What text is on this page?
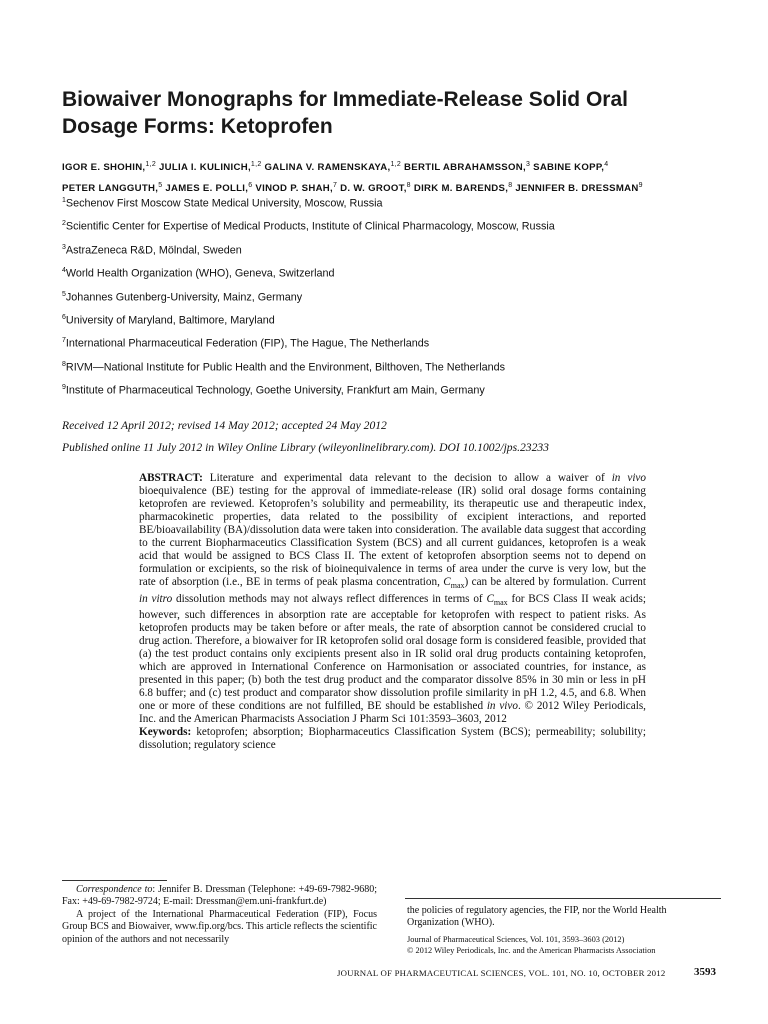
Biowaiver Monographs for Immediate-Release Solid Oral Dosage Forms: Ketoprofen
IGOR E. SHOHIN,$^{1,2}$ JULIA I. KULINICH,$^{1,2}$ GALINA V. RAMENSKAYA,$^{1,2}$ BERTIL ABRAHAMSSON,$^3$ SABINE KOPP,$^4$
PETER LANGGUTH,$^5$ JAMES E. POLLI,$^6$ VINOD P. SHAH,$^7$ D. W. GROOT,$^8$ DIRK M. BARENDS,$^8$ JENNIFER B. DRESSMAN$^9$
$^1$Sechenov First Moscow State Medical University, Moscow, Russia
$^2$Scientific Center for Expertise of Medical Products, Institute of Clinical Pharmacology, Moscow, Russia
$^3$AstraZeneca R&D, Mölndal, Sweden
$^4$World Health Organization (WHO), Geneva, Switzerland
$^5$Johannes Gutenberg-University, Mainz, Germany
$^6$University of Maryland, Baltimore, Maryland
$^7$International Pharmaceutical Federation (FIP), The Hague, The Netherlands
$^8$RIVM—National Institute for Public Health and the Environment, Bilthoven, The Netherlands
$^9$Institute of Pharmaceutical Technology, Goethe University, Frankfurt am Main, Germany
Received 12 April 2012; revised 14 May 2012; accepted 24 May 2012
Published online 11 July 2012 in Wiley Online Library (wileyonlinelibrary.com). DOI 10.1002/jps.23233
ABSTRACT: Literature and experimental data relevant to the decision to allow a waiver of in vivo bioequivalence (BE) testing for the approval of immediate-release (IR) solid oral dosage forms containing ketoprofen are reviewed. Ketoprofen’s solubility and permeability, its therapeutic use and therapeutic index, pharmacokinetic properties, data related to the possibility of excipient interactions, and reported BE/bioavailability (BA)/dissolution data were taken into consideration. The available data suggest that according to the current Biopharmaceutics Classification System (BCS) and all current guidances, ketoprofen is a weak acid that would be assigned to BCS Class II. The extent of ketoprofen absorption seems not to depend on formulation or excipients, so the risk of bioinequivalence in terms of area under the curve is very low, but the rate of absorption (i.e., BE in terms of peak plasma concentration, $C_{max}$) can be altered by formulation. Current in vitro dissolution methods may not always reflect differences in terms of $C_{max}$ for BCS Class II weak acids; however, such differences in absorption rate are acceptable for ketoprofen with respect to patient risks. As ketoprofen products may be taken before or after meals, the rate of absorption cannot be considered crucial to drug action. Therefore, a biowaiver for IR ketoprofen solid oral dosage form is considered feasible, provided that (a) the test product contains only excipients present also in IR solid oral drug products containing ketoprofen, which are approved in International Conference on Harmonisation or associated countries, for instance, as presented in this paper; (b) both the test drug product and the comparator dissolve 85% in 30 min or less in pH 6.8 buffer; and (c) test product and comparator show dissolution profile similarity in pH 1.2, 4.5, and 6.8. When one or more of these conditions are not fulfilled, BE should be established in vivo. © 2012 Wiley Periodicals, Inc. and the American Pharmacists Association J Pharm Sci 101:3593–3603, 2012
Keywords: ketoprofen; absorption; Biopharmaceutics Classification System (BCS); permeability; solubility; dissolution; regulatory science

Correspondence to: Jennifer B. Dressman (Telephone: +49-69-7982-9680; Fax: +49-69-7982-9724; E-mail: Dressman@em.uni-frankfurt.de)

A project of the International Pharmaceutical Federation (FIP), Focus Group BCS and Biowaiver, www.fip.org/bcs. This article reflects the scientific opinion of the authors and not necessarily

the policies of regulatory agencies, the FIP, nor the World Health Organization (WHO).
Journal of Pharmaceutical Sciences, Vol. 101, 3593–3603 (2012)
© 2012 Wiley Periodicals, Inc. and the American Pharmacists Association
JOURNAL OF PHARMACEUTICAL SCIENCES, VOL. 101, NO. 10, OCTOBER 2012	3593
